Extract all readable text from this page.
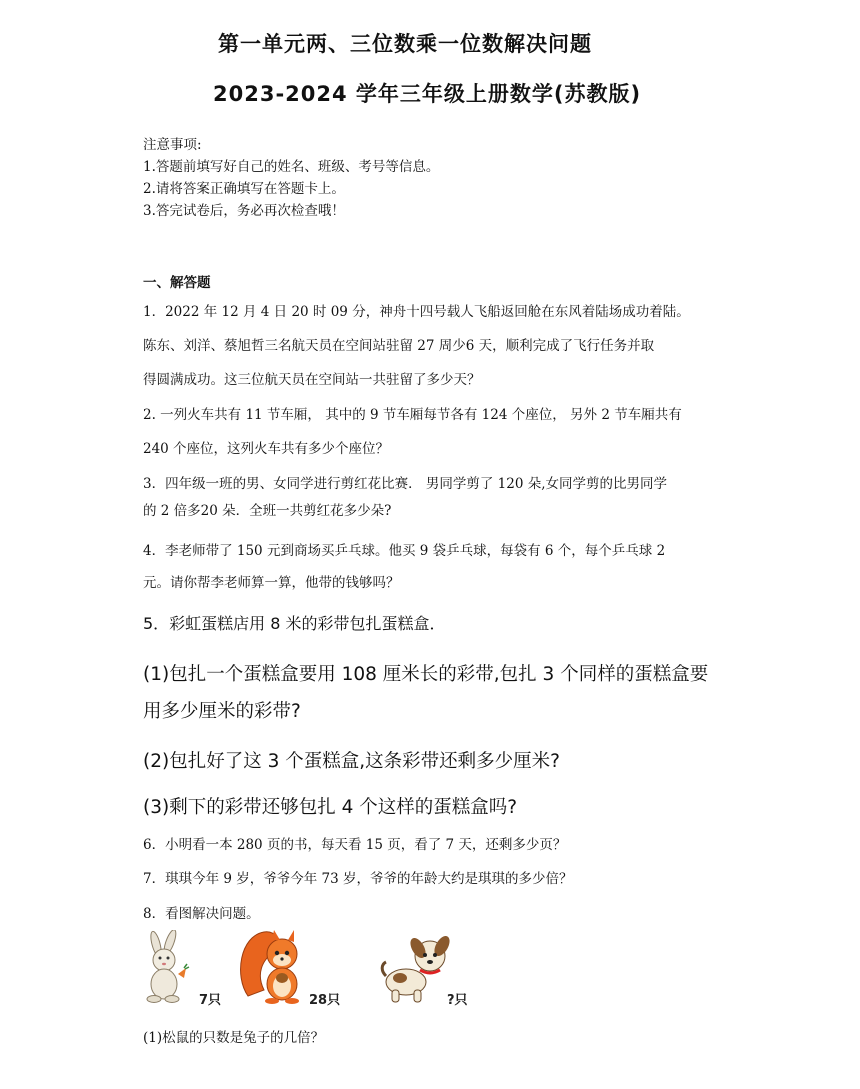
第一单元两、三位数乘一位数解决问题
2023-2024 学年三年级上册数学(苏教版)
注意事项:
1.答题前填写好自己的姓名、班级、考号等信息。
2.请将答案正确填写在答题卡上。
3.答完试卷后，务必再次检查哦！
一、解答题
1．2022 年 12 月 4 日 20 时 09 分，神舟十四号载人飞船返回舱在东风着陆场成功着陆。
陈东、刘洋、蔡旭哲三名航天员在空间站驻留 27 周少6 天，顺利完成了飞行任务并取
得圆满成功。这三位航天员在空间站一共驻留了多少天？
2. 一列火车共有 11 节车厢， 其中的 9 节车厢每节各有 124 个座位， 另外 2 节车厢共有
240 个座位，这列火车共有多少个座位？
3．四年级一班的男、女同学进行剪红花比赛． 男同学剪了 120 朵,女同学剪的比男同学
的 2 倍多20 朵．全班一共剪红花多少朵?
4．李老师带了 150 元到商场买乒乓球。他买 9 袋乒乓球，每袋有 6 个，每个乒乓球 2
元。请你帮李老师算一算，他带的钱够吗？
5．彩虹蛋糕店用 8 米的彩带包扎蛋糕盒．
(1)包扎一个蛋糕盒要用 108 厘米长的彩带,包扎 3 个同样的蛋糕盒要
用多少厘米的彩带?
(2)包扎好了这 3 个蛋糕盒,这条彩带还剩多少厘米?
(3)剩下的彩带还够包扎 4 个这样的蛋糕盒吗?
6．小明看一本 280 页的书，每天看 15 页，看了 7 天，还剩多少页？
7．琪琪今年 9 岁，爷爷今年 73 岁，爷爷的年龄大约是琪琪的多少倍？
8．看图解决问题。
7只	28只	?只
(1)松鼠的只数是兔子的几倍？
